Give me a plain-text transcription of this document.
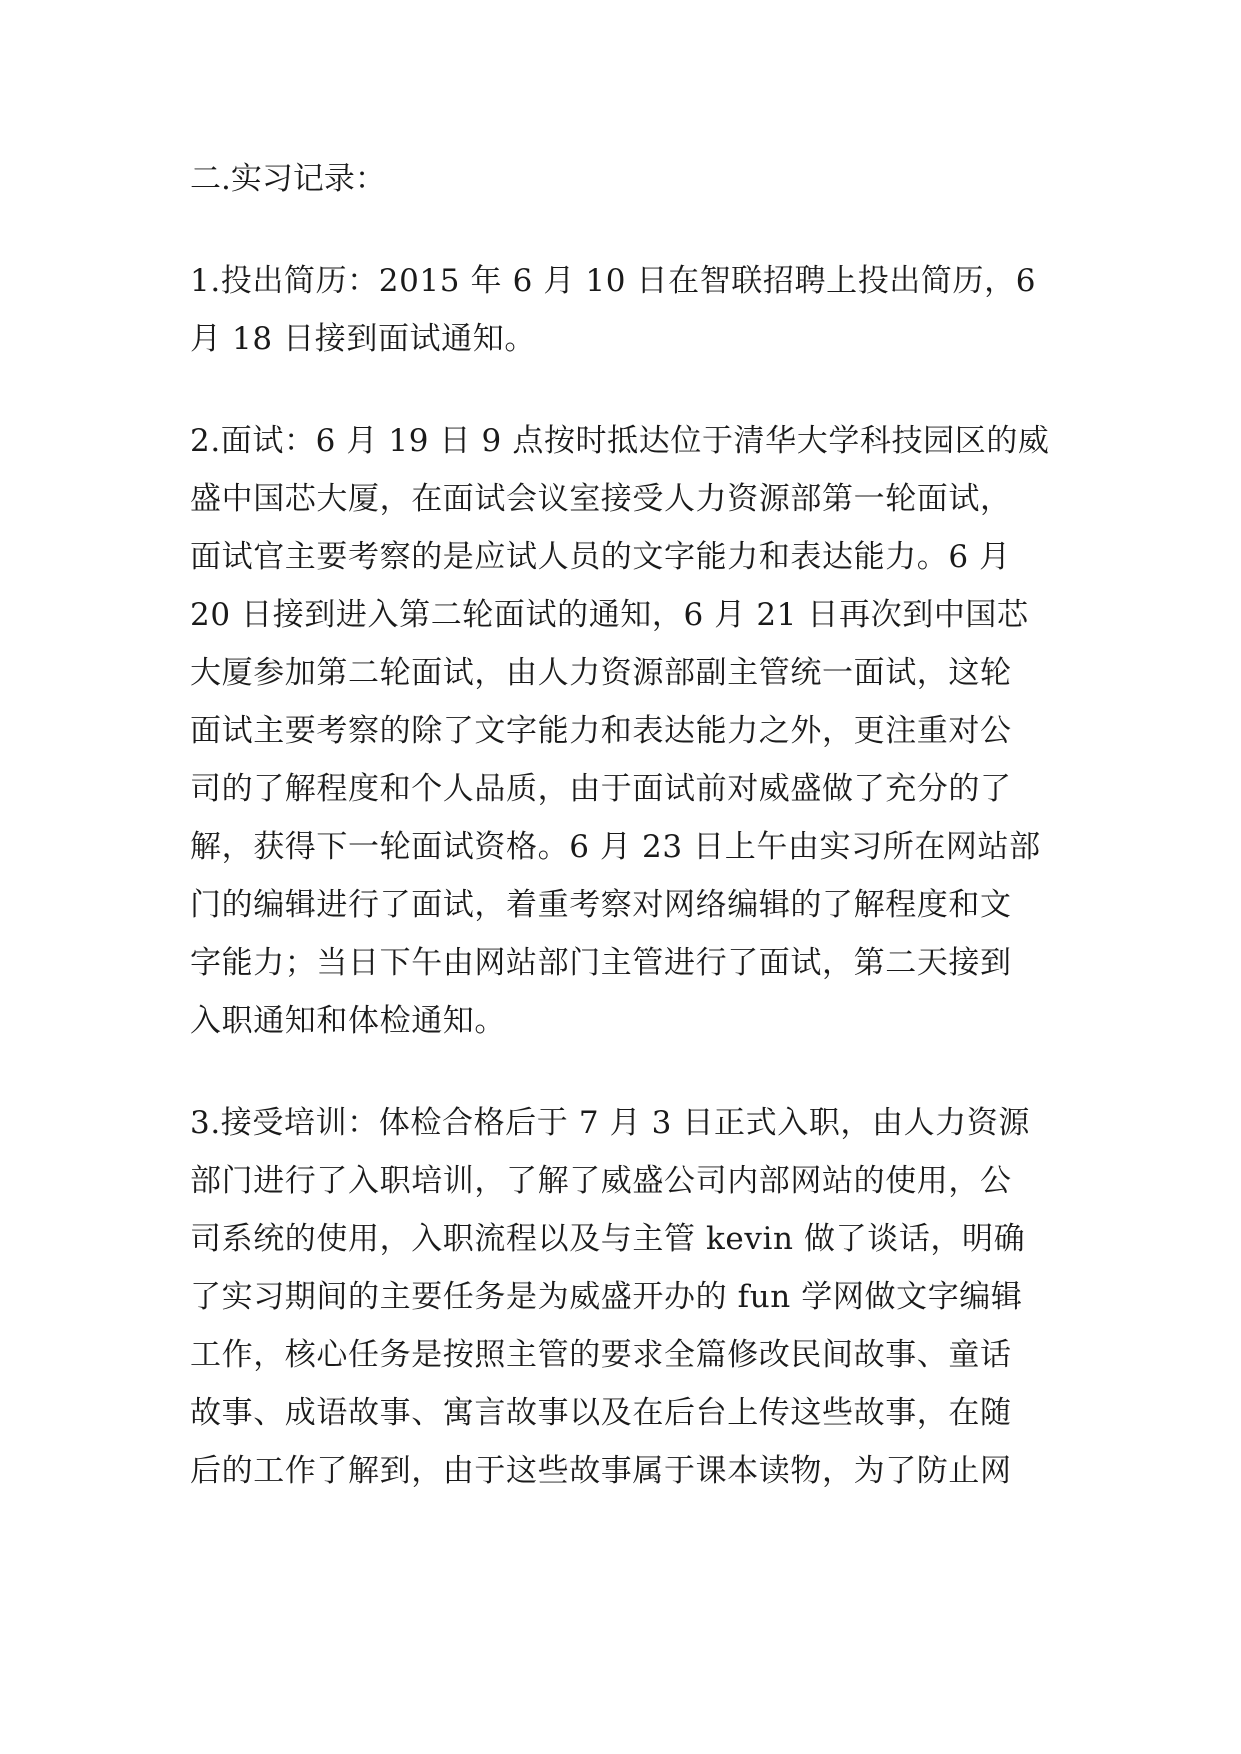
二.实习记录：
1.投出简历：2015 年 6 月 10 日在智联招聘上投出简历，6
月 18 日接到面试通知。
2.面试：6 月 19 日 9 点按时抵达位于清华大学科技园区的威
盛中国芯大厦，在面试会议室接受人力资源部第一轮面试，
面试官主要考察的是应试人员的文字能力和表达能力。6 月
20 日接到进入第二轮面试的通知，6 月 21 日再次到中国芯
大厦参加第二轮面试，由人力资源部副主管统一面试，这轮
面试主要考察的除了文字能力和表达能力之外，更注重对公
司的了解程度和个人品质，由于面试前对威盛做了充分的了
解，获得下一轮面试资格。6 月 23 日上午由实习所在网站部
门的编辑进行了面试，着重考察对网络编辑的了解程度和文
字能力；当日下午由网站部门主管进行了面试，第二天接到
入职通知和体检通知。
3.接受培训：体检合格后于 7 月 3 日正式入职，由人力资源
部门进行了入职培训，了解了威盛公司内部网站的使用，公
司系统的使用，入职流程以及与主管 kevin 做了谈话，明确
了实习期间的主要任务是为威盛开办的 fun 学网做文字编辑
工作，核心任务是按照主管的要求全篇修改民间故事、童话
故事、成语故事、寓言故事以及在后台上传这些故事，在随
后的工作了解到，由于这些故事属于课本读物，为了防止网
